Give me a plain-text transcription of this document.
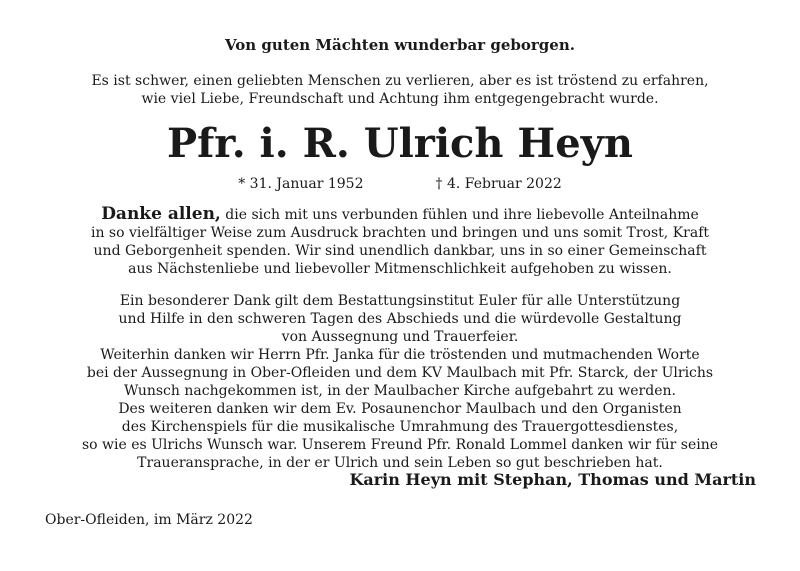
Von guten Mächten wunderbar geborgen.
Es ist schwer, einen geliebten Menschen zu verlieren, aber es ist tröstend zu erfahren,
wie viel Liebe, Freundschaft und Achtung ihm entgegengebracht wurde.
Pfr. i. R. Ulrich Heyn
* 31. Januar 1952	† 4. Februar 2022
Danke allen, die sich mit uns verbunden fühlen und ihre liebevolle Anteilnahme
in so vielfältiger Weise zum Ausdruck brachten und bringen und uns somit Trost, Kraft
und Geborgenheit spenden. Wir sind unendlich dankbar, uns in so einer Gemeinschaft
aus Nächstenliebe und liebevoller Mitmenschlichkeit aufgehoben zu wissen.
Ein besonderer Dank gilt dem Bestattungsinstitut Euler für alle Unterstützung
und Hilfe in den schweren Tagen des Abschieds und die würdevolle Gestaltung
von Aussegnung und Trauerfeier.
Weiterhin danken wir Herrn Pfr. Janka für die tröstenden und mutmachenden Worte
bei der Aussegnung in Ober-Ofleiden und dem KV Maulbach mit Pfr. Starck, der Ulrichs
Wunsch nachgekommen ist, in der Maulbacher Kirche aufgebahrt zu werden.
Des weiteren danken wir dem Ev. Posaunenchor Maulbach und den Organisten
des Kirchenspiels für die musikalische Umrahmung des Trauergottesdienstes,
so wie es Ulrichs Wunsch war. Unserem Freund Pfr. Ronald Lommel danken wir für seine
Traueransprache, in der er Ulrich und sein Leben so gut beschrieben hat.
Karin Heyn mit Stephan, Thomas und Martin
Ober-Ofleiden, im März 2022
